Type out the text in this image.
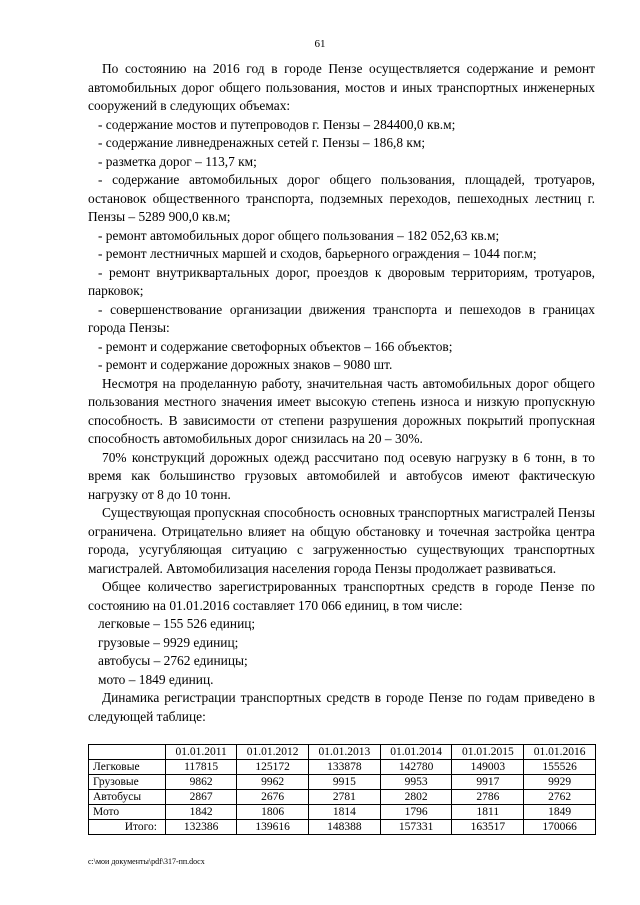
61

По состоянию на 2016 год в городе Пензе осуществляется содержание и ремонт автомобильных дорог общего пользования, мостов и иных транспортных инженерных сооружений в следующих объемах:

- содержание мостов и путепроводов г. Пензы – 284400,0 кв.м;

- содержание ливнедренажных сетей г. Пензы – 186,8 км;

- разметка дорог – 113,7 км;

- содержание автомобильных дорог общего пользования, площадей, тротуаров, остановок общественного транспорта, подземных переходов, пешеходных лестниц г. Пензы – 5289 900,0 кв.м;

- ремонт автомобильных дорог общего пользования – 182 052,63 кв.м;

- ремонт лестничных маршей и сходов, барьерного ограждения – 1044 пог.м;

- ремонт внутриквартальных дорог, проездов к дворовым территориям, тротуаров, парковок;

- совершенствование организации движения транспорта и пешеходов в границах города Пензы:

- ремонт и содержание светофорных объектов – 166 объектов;

- ремонт и содержание дорожных знаков – 9080 шт.

Несмотря на проделанную работу, значительная часть автомобильных дорог общего пользования местного значения имеет высокую степень износа и низкую пропускную способность. В зависимости от степени разрушения дорожных покрытий пропускная способность автомобильных дорог снизилась на 20 – 30%.

70% конструкций дорожных одежд рассчитано под осевую нагрузку в 6 тонн, в то время как большинство грузовых автомобилей и автобусов имеют фактическую нагрузку от 8 до 10 тонн.

Существующая пропускная способность основных транспортных магистралей Пензы ограничена. Отрицательно влияет на общую обстановку и точечная застройка центра города, усугубляющая ситуацию с загруженностью существующих транспортных магистралей. Автомобилизация населения города Пензы продолжает развиваться.

Общее количество зарегистрированных транспортных средств в городе Пензе по состоянию на 01.01.2016 составляет 170 066 единиц, в том числе:

легковые – 155 526 единиц;

грузовые – 9929 единиц;

автобусы – 2762 единицы;

мото – 1849 единиц.

Динамика регистрации транспортных средств в городе Пензе по годам приведено в следующей таблице:

	01.01.2011	01.01.2012	01.01.2013	01.01.2014	01.01.2015	01.01.2016
Легковые	117815	125172	133878	142780	149003	155526
Грузовые	9862	9962	9915	9953	9917	9929
Автобусы	2867	2676	2781	2802	2786	2762
Мото	1842	1806	1814	1796	1811	1849
Итого:	132386	139616	148388	157331	163517	170066
c:\мои документы\pdf\317-пп.docx
